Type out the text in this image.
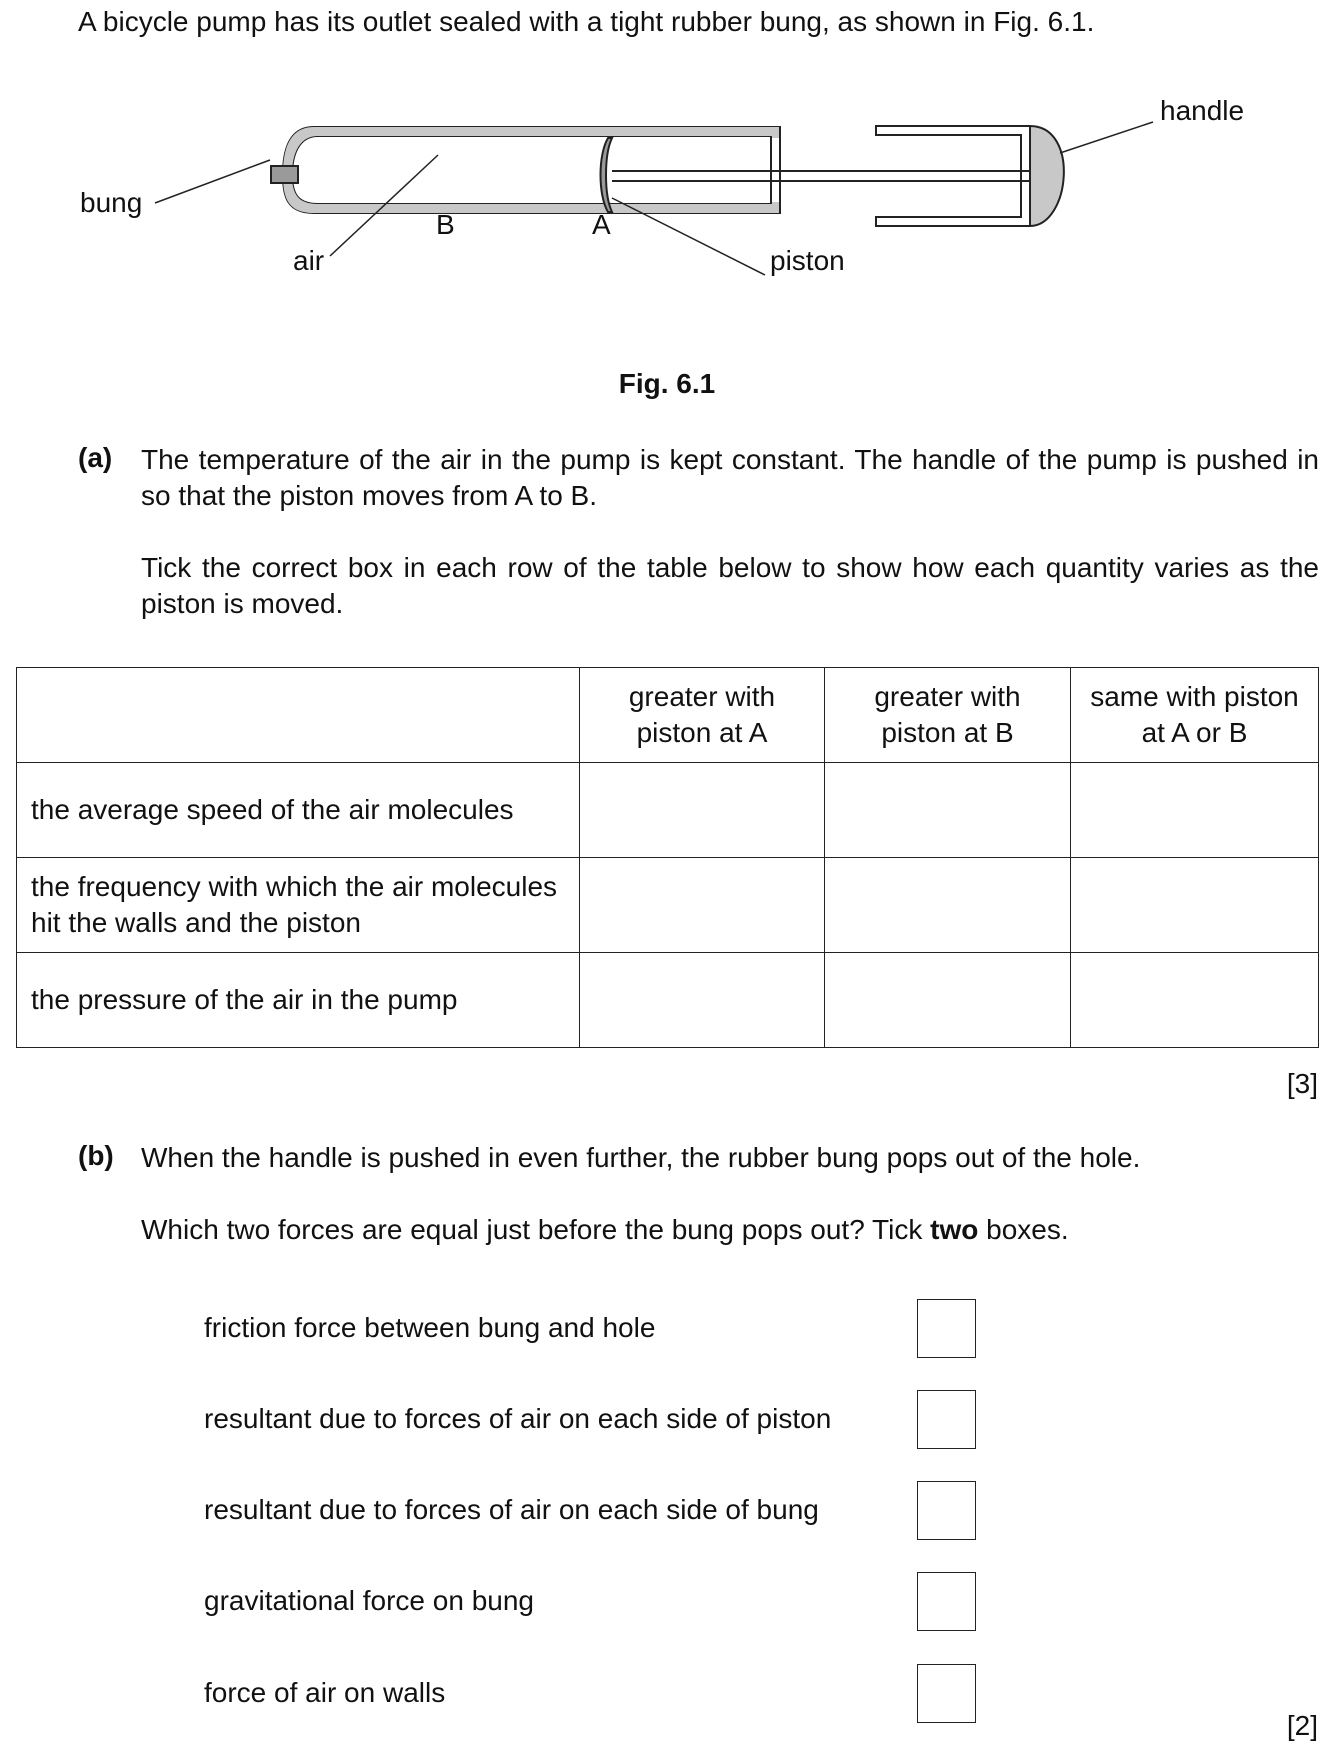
A bicycle pump has its outlet sealed with a tight rubber bung, as shown in Fig. 6.1.
handle
bung
B	A
air	piston
Fig. 6.1
(a) The temperature of the air in the pump is kept constant. The handle of the pump is pushed in so that the piston moves from A to B.
Tick the correct box in each row of the table below to show how each quantity varies as the piston is moved.
	greater with piston at A	greater with piston at B	same with piston at A or B
the average speed of the air molecules			
the frequency with which the air molecules hit the walls and the piston			
the pressure of the air in the pump			
[3]
(b) When the handle is pushed in even further, the rubber bung pops out of the hole.
Which two forces are equal just before the bung pops out? Tick two boxes.
friction force between bung and hole
resultant due to forces of air on each side of piston
resultant due to forces of air on each side of bung
gravitational force on bung
force of air on walls
[2]
